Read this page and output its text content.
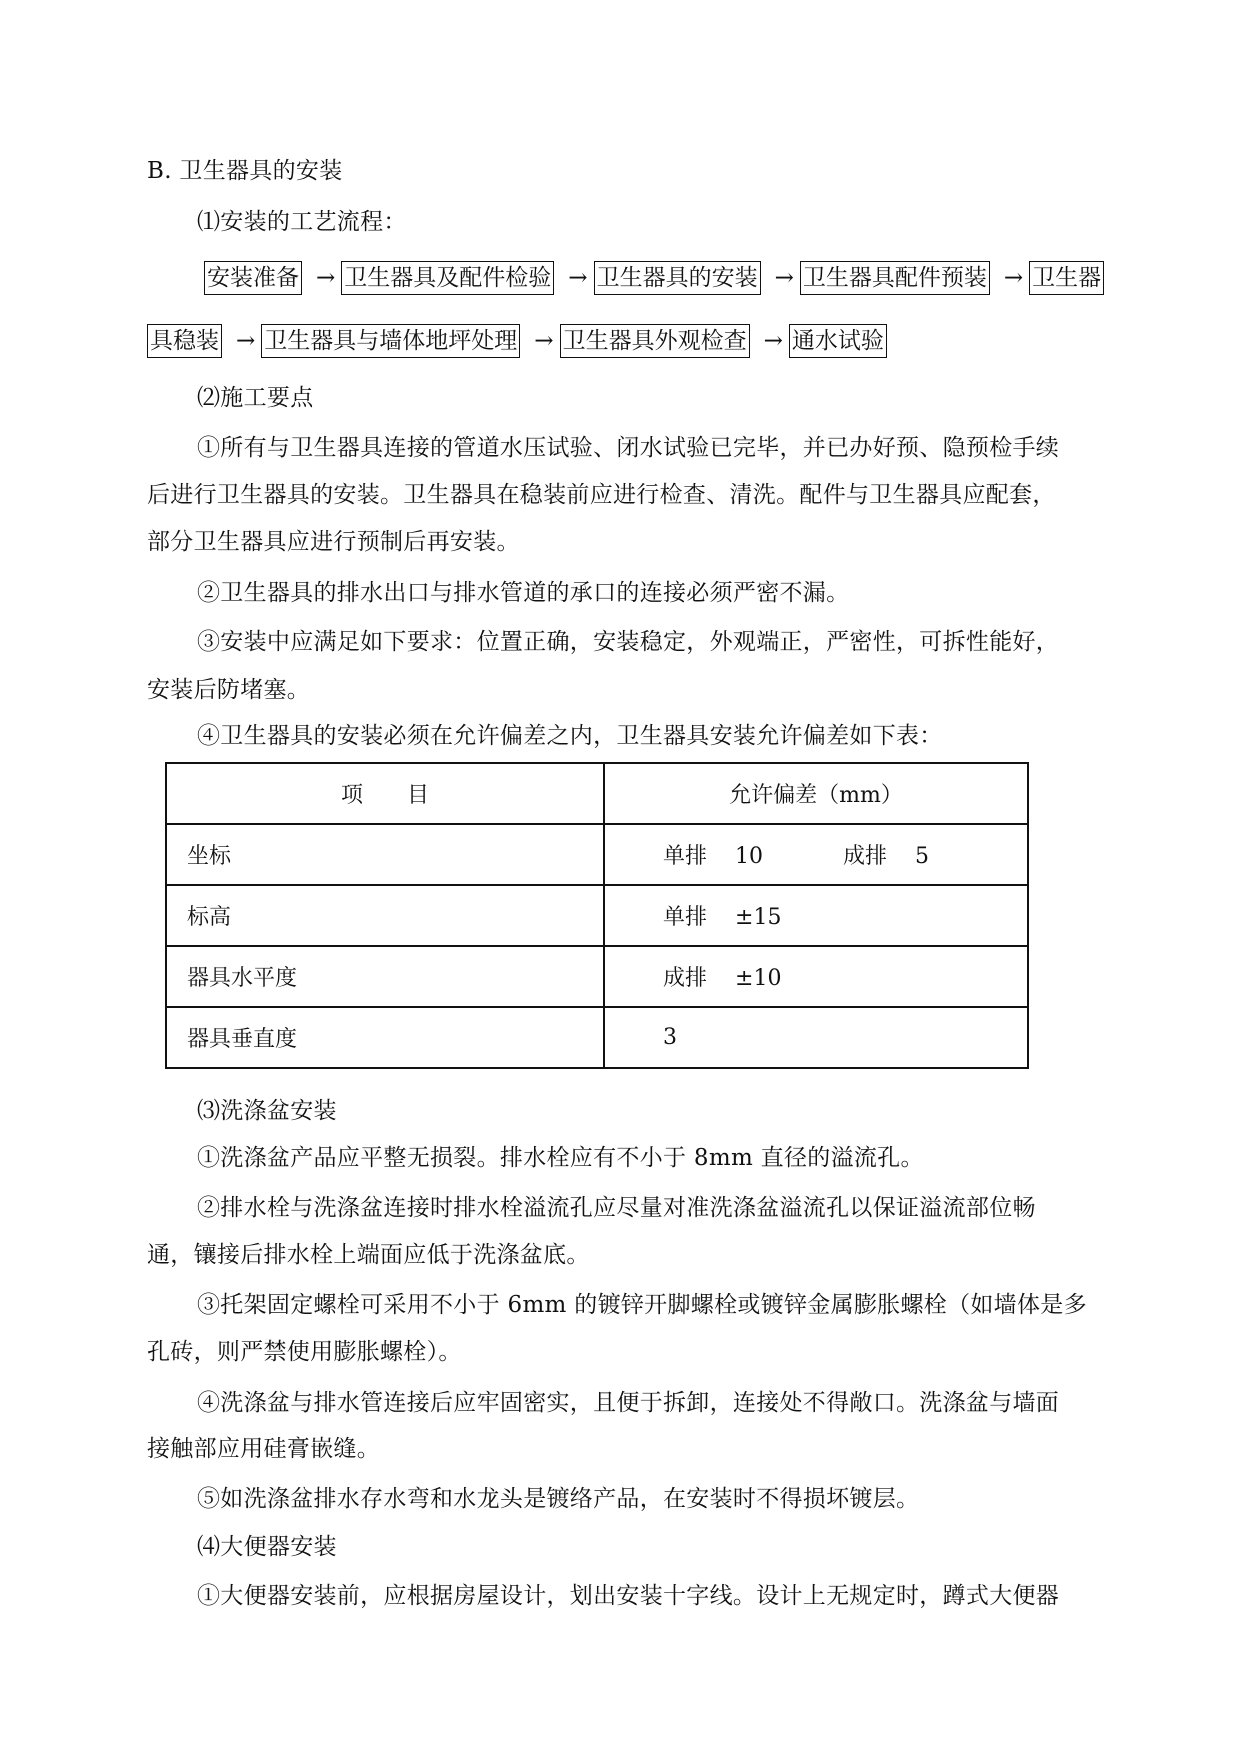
B. 卫生器具的安装
⑴安装的工艺流程：
安装准备 → 卫生器具及配件检验 → 卫生器具的安装 → 卫生器具配件预装 → 卫生器
具稳装 → 卫生器具与墙体地坪处理 → 卫生器具外观检查 → 通水试验
⑵施工要点
①所有与卫生器具连接的管道水压试验、闭水试验已完毕，并已办好预、隐预检手续
后进行卫生器具的安装。卫生器具在稳装前应进行检查、清洗。配件与卫生器具应配套，
部分卫生器具应进行预制后再安装。
②卫生器具的排水出口与排水管道的承口的连接必须严密不漏。
③安装中应满足如下要求：位置正确，安装稳定，外观端正，严密性，可拆性能好，
安装后防堵塞。
④卫生器具的安装必须在允许偏差之内，卫生器具安装允许偏差如下表：
项　　目	允许偏差（mm）
坐标	单排 10 成排 5
标高	单排 ±15
器具水平度	成排 ±10
器具垂直度	3
⑶洗涤盆安装
①洗涤盆产品应平整无损裂。排水栓应有不小于 8mm 直径的溢流孔。
②排水栓与洗涤盆连接时排水栓溢流孔应尽量对准洗涤盆溢流孔以保证溢流部位畅
通，镶接后排水栓上端面应低于洗涤盆底。
③托架固定螺栓可采用不小于 6mm 的镀锌开脚螺栓或镀锌金属膨胀螺栓（如墙体是多
孔砖，则严禁使用膨胀螺栓）。
④洗涤盆与排水管连接后应牢固密实，且便于拆卸，连接处不得敞口。洗涤盆与墙面
接触部应用硅膏嵌缝。
⑤如洗涤盆排水存水弯和水龙头是镀络产品，在安装时不得损坏镀层。
⑷大便器安装
①大便器安装前，应根据房屋设计，划出安装十字线。设计上无规定时，蹲式大便器
